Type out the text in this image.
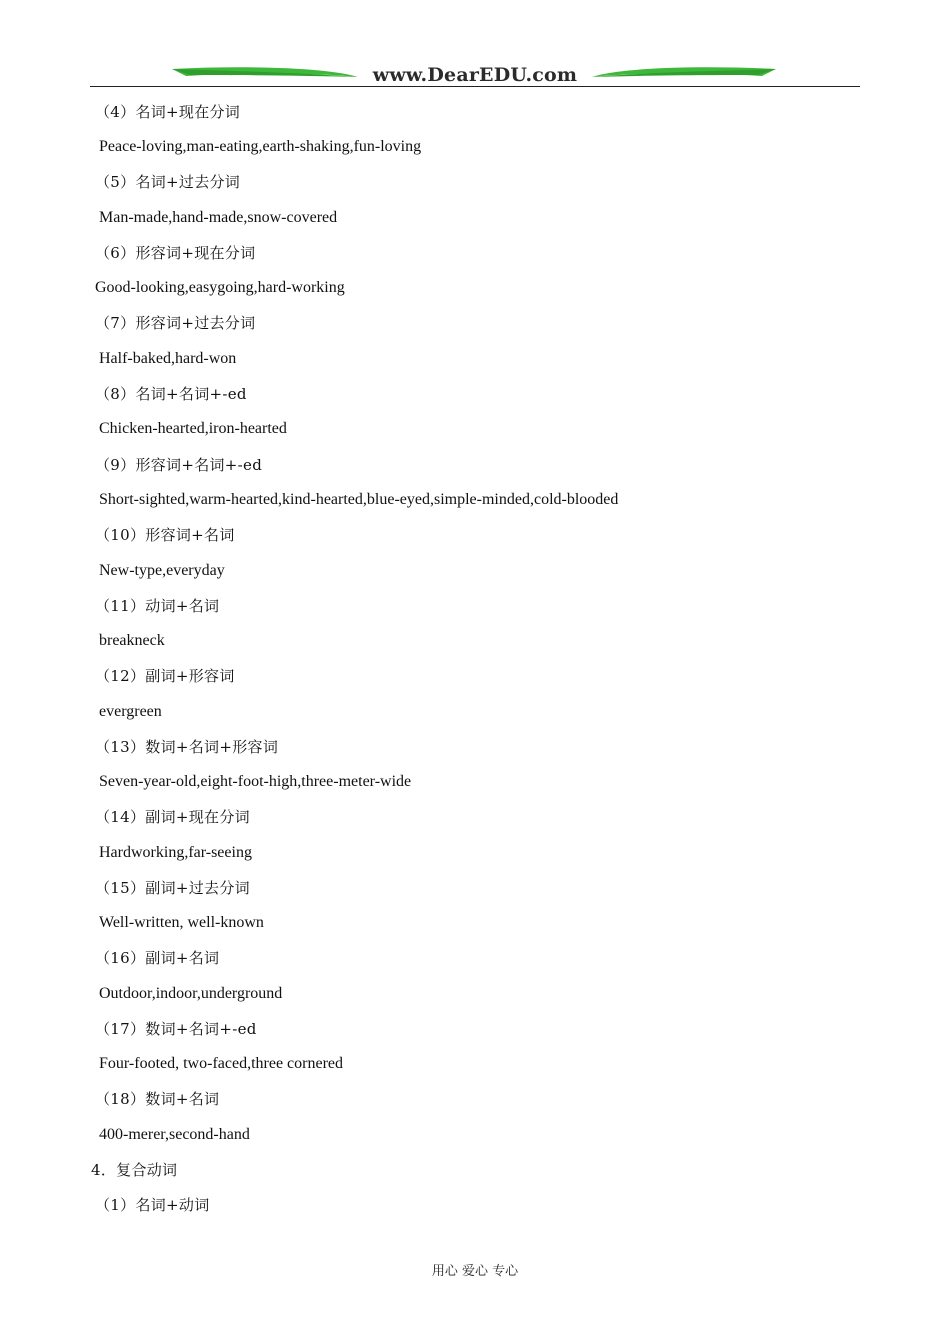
www.DearEDU.com
（4）名词+现在分词
Peace-loving,man-eating,earth-shaking,fun-loving
（5）名词+过去分词
Man-made,hand-made,snow-covered
（6）形容词+现在分词
Good-looking,easygoing,hard-working
（7）形容词+过去分词
Half-baked,hard-won
（8）名词+名词+-ed
Chicken-hearted,iron-hearted
（9）形容词+名词+-ed
Short-sighted,warm-hearted,kind-hearted,blue-eyed,simple-minded,cold-blooded
（10）形容词+名词
New-type,everyday
（11）动词+名词
breakneck
（12）副词+形容词
evergreen
（13）数词+名词+形容词
Seven-year-old,eight-foot-high,three-meter-wide
（14）副词+现在分词
Hardworking,far-seeing
（15）副词+过去分词
Well-written, well-known
（16）副词+名词
Outdoor,indoor,underground
（17）数词+名词+-ed
Four-footed, two-faced,three cornered
（18）数词+名词
400-merer,second-hand
4．复合动词
（1）名词+动词
用心 爱心 专心
